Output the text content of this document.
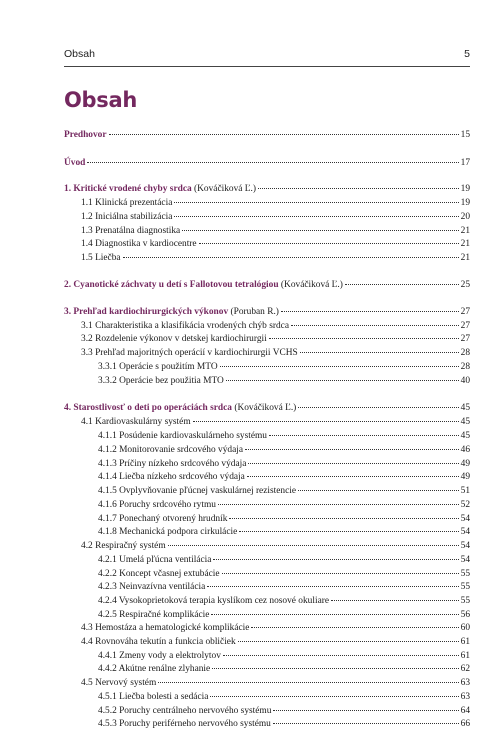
Obsah	5
Obsah
Predhovor	15
Úvod	17
1. Kritické vrodené chyby srdca (Kováčiková Ľ.)	19
1.1 Klinická prezentácia	19
1.2 Iniciálna stabilizácia	20
1.3 Prenatálna diagnostika	21
1.4 Diagnostika v kardiocentre	21
1.5 Liečba	21
2. Cyanotické záchvaty u detí s Fallotovou tetralógiou (Kováčiková Ľ.)	25
3. Prehľad kardiochirurgických výkonov (Poruban R.)	27
3.1 Charakteristika a klasifikácia vrodených chýb srdca	27
3.2 Rozdelenie výkonov v detskej kardiochirurgii	27
3.3 Prehľad majoritných operácií v kardiochirurgii VCHS	28
3.3.1 Operácie s použitím MTO	28
3.3.2 Operácie bez použitia MTO	40
4. Starostlivosť o deti po operáciách srdca (Kováčiková Ľ.)	45
4.1 Kardiovaskulárny systém	45
4.1.1 Posúdenie kardiovaskulárneho systému	45
4.1.2 Monitorovanie srdcového výdaja	46
4.1.3 Príčiny nízkeho srdcového výdaja	49
4.1.4 Liečba nízkeho srdcového výdaja	49
4.1.5 Ovplyvňovanie pľúcnej vaskulárnej rezistencie	51
4.1.6 Poruchy srdcového rytmu	52
4.1.7 Ponechaný otvorený hrudník	54
4.1.8 Mechanická podpora cirkulácie	54
4.2 Respiračný systém	54
4.2.1 Umelá pľúcna ventilácia	54
4.2.2 Koncept včasnej extubácie	55
4.2.3 Neinvazívna ventilácia	55
4.2.4 Vysokoprietoková terapia kyslíkom cez nosové okuliare	55
4.2.5 Respiračné komplikácie	56
4.3 Hemostáza a hematologické komplikácie	60
4.4 Rovnováha tekutín a funkcia obličiek	61
4.4.1 Zmeny vody a elektrolytov	61
4.4.2 Akútne renálne zlyhanie	62
4.5 Nervový systém	63
4.5.1 Liečba bolesti a sedácia	63
4.5.2 Poruchy centrálneho nervového systému	64
4.5.3 Poruchy periférneho nervového systému	66
